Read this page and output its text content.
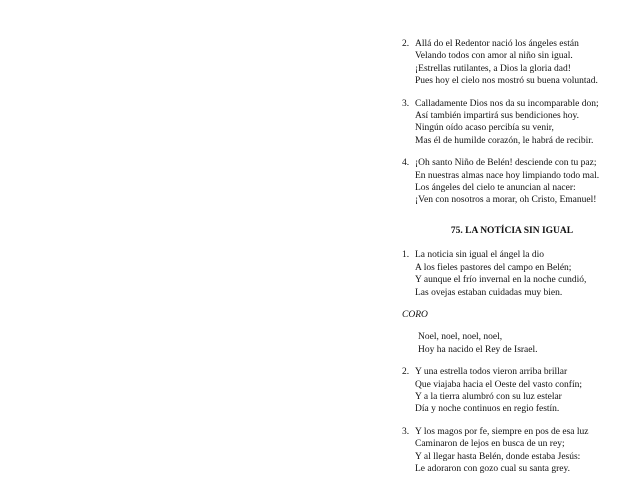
2. Allá do el Redentor nació los ángeles están
Velando todos con amor al niño sin igual.
¡Estrellas rutilantes, a Dios la gloria dad!
Pues hoy el cielo nos mostró su buena voluntad.
3. Calladamente Dios nos da su incomparable don;
Así también impartirá sus bendiciones hoy.
Ningún oído acaso percibía su venir,
Mas él de humilde corazón, le habrá de recibir.
4. ¡Oh santo Niño de Belén! desciende con tu paz;
En nuestras almas nace hoy limpiando todo mal.
Los ángeles del cielo te anuncian al nacer:
¡Ven con nosotros a morar, oh Cristo, Emanuel!
75. LA NOTÍCIA SIN IGUAL
1. La noticia sin igual el ángel la dio
A los fieles pastores del campo en Belén;
Y aunque el frío invernal en la noche cundió,
Las ovejas estaban cuidadas muy bien.
CORO
Noel, noel, noel, noel,
Hoy ha nacido el Rey de Israel.
2. Y una estrella todos vieron arriba brillar
Que viajaba hacia el Oeste del vasto confín;
Y a la tierra alumbró con su luz estelar
Día y noche continuos en regio festín.
3. Y los magos por fe, siempre en pos de esa luz
Caminaron de lejos en busca de un rey;
Y al llegar hasta Belén, donde estaba Jesús:
Le adoraron con gozo cual su santa grey.
